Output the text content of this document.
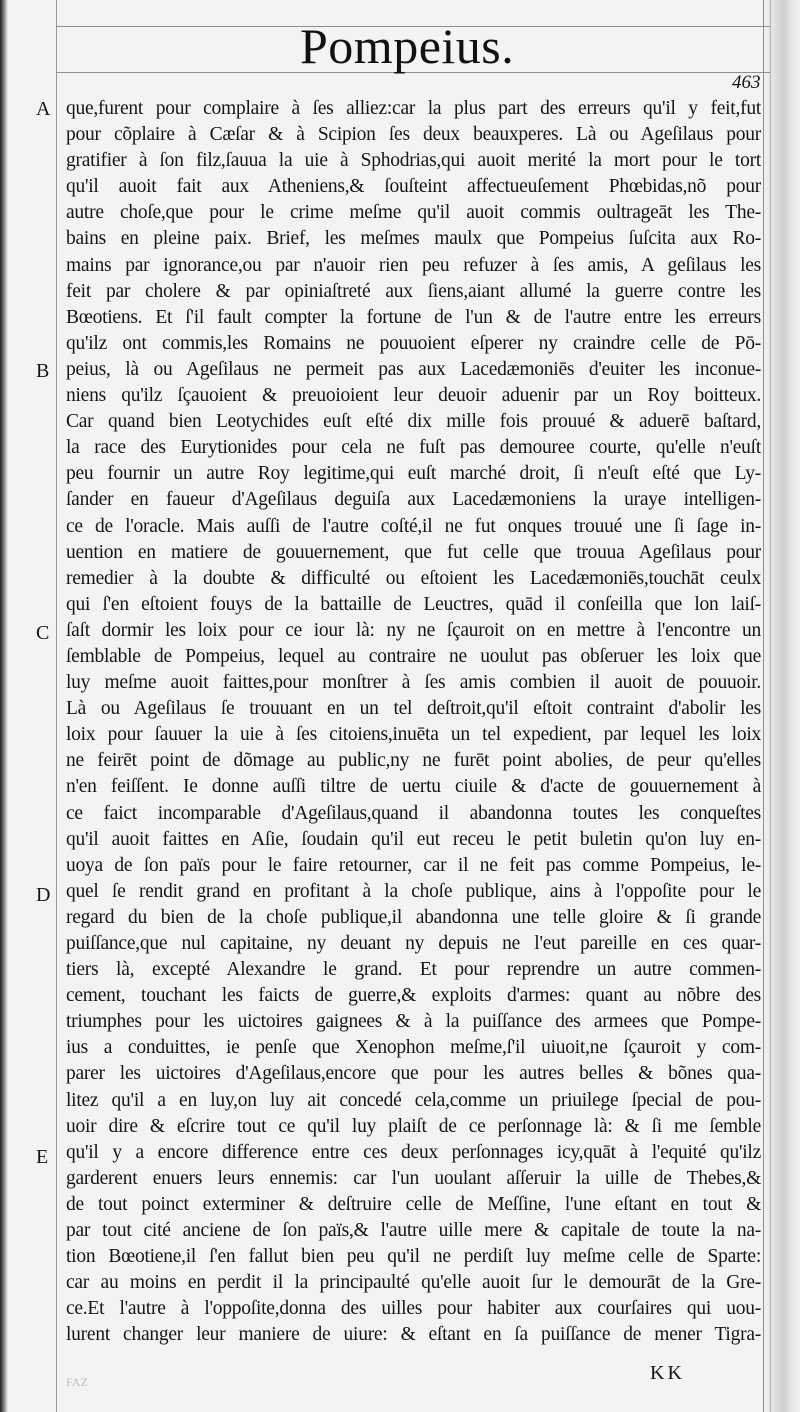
Pompeius.
463
A
B
C
D
E
que,furent pour complaire à ſes alliez:car la plus part des erreurs qu'il y feit,fut
pour cõplaire à Cæſar & à Scipion ſes deux beauxperes. Là ou Ageſilaus pour
gratifier à ſon filz,ſauua la uie à Sphodrias,qui auoit merité la mort pour le tort
qu'il auoit fait aux Atheniens,& ſouſteint affectueuſement Phœbidas,nõ pour
autre choſe,que pour le crime meſme qu'il auoit commis oultrageāt les The-
bains en pleine paix. Brief, les meſmes maulx que Pompeius ſuſcita aux Ro-
mains par ignorance,ou par n'auoir rien peu refuzer à ſes amis, A geſilaus les
feit par cholere & par opiniaſtreté aux ſiens,aiant allumé la guerre contre les
Bœotiens. Et ſ'il fault compter la fortune de l'un & de l'autre entre les erreurs
qu'ilz ont commis,les Romains ne pouuoient eſperer ny craindre celle de Pō-
peius, là ou Ageſilaus ne permeit pas aux Lacedæmoniēs d'euiter les inconue-
niens qu'ilz ſçauoient & preuoioient leur deuoir aduenir par un Roy boitteux.
Car quand bien Leotychides euſt eſté dix mille fois prouué & aduerē baſtard,
la race des Eurytionides pour cela ne fuſt pas demouree courte, qu'elle n'euſt
peu fournir un autre Roy legitime,qui euſt marché droit, ſi n'euſt eſté que Ly-
ſander en faueur d'Ageſilaus deguiſa aux Lacedæmoniens la uraye intelligen-
ce de l'oracle. Mais auſſi de l'autre coſté,il ne fut onques trouué une ſi ſage in-
uention en matiere de gouuernement, que fut celle que trouua Ageſilaus pour
remedier à la doubte & difficulté ou eſtoient les Lacedæmoniēs,touchāt ceulx
qui ſ'en eſtoient fouys de la battaille de Leuctres, quād il conſeilla que lon laiſ-
ſaſt dormir les loix pour ce iour là: ny ne ſçauroit on en mettre à l'encontre un
ſemblable de Pompeius, lequel au contraire ne uoulut pas obſeruer les loix que
luy meſme auoit faittes,pour monſtrer à ſes amis combien il auoit de pouuoir.
Là ou Ageſilaus ſe trouuant en un tel deſtroit,qu'il eſtoit contraint d'abolir les
loix pour ſauuer la uie à ſes citoiens,inuēta un tel expedient, par lequel les loix
ne feirēt point de dõmage au public,ny ne furēt point abolies, de peur qu'elles
n'en feiſſent. Ie donne auſſi tiltre de uertu ciuile & d'acte de gouuernement à
ce faict incomparable d'Ageſilaus,quand il abandonna toutes les conqueſtes
qu'il auoit faittes en Aſie, ſoudain qu'il eut receu le petit buletin qu'on luy en-
uoya de ſon païs pour le faire retourner, car il ne feit pas comme Pompeius, le-
quel ſe rendit grand en profitant à la choſe publique, ains à l'oppoſite pour le
regard du bien de la choſe publique,il abandonna une telle gloire & ſi grande
puiſſance,que nul capitaine, ny deuant ny depuis ne l'eut pareille en ces quar-
tiers là, excepté Alexandre le grand. Et pour reprendre un autre commen-
cement, touchant les faicts de guerre,& exploits d'armes: quant au nõbre des
triumphes pour les uictoires gaignees & à la puiſſance des armees que Pompe-
ius a conduittes, ie penſe que Xenophon meſme,ſ'il uiuoit,ne ſçauroit y com-
parer les uictoires d'Ageſilaus,encore que pour les autres belles & bõnes qua-
litez qu'il a en luy,on luy ait concedé cela,comme un priuilege ſpecial de pou-
uoir dire & eſcrire tout ce qu'il luy plaiſt de ce perſonnage là: & ſi me ſemble
qu'il y a encore difference entre ces deux perſonnages icy,quāt à l'equité qu'ilz
garderent enuers leurs ennemis: car l'un uoulant aſſeruir la uille de Thebes,&
de tout poinct exterminer & deſtruire celle de Meſſine, l'une eſtant en tout &
par tout cité anciene de ſon païs,& l'autre uille mere & capitale de toute la na-
tion Bœotiene,il ſ'en fallut bien peu qu'il ne perdiſt luy meſme celle de Sparte:
car au moins en perdit il la principaulté qu'elle auoit ſur le demourāt de la Gre-
ce.Et l'autre à l'oppoſite,donna des uilles pour habiter aux courſaires qui uou-
lurent changer leur maniere de uiure: & eſtant en ſa puiſſance de mener Tigra-
FAZ	KK
